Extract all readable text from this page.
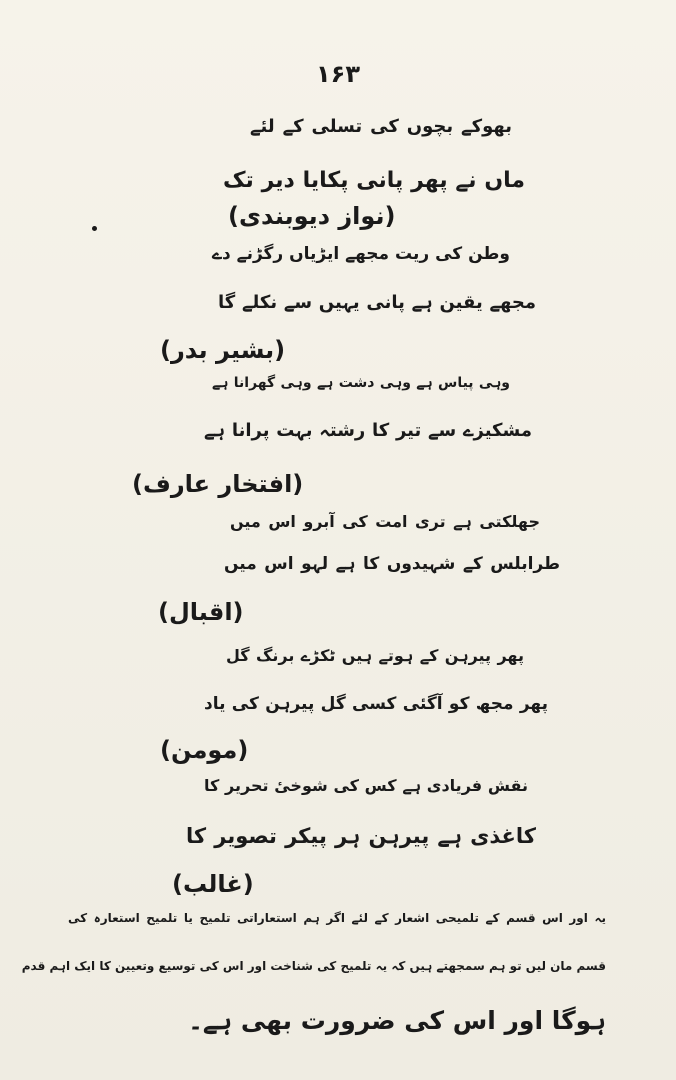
۱۶۳
بھوکے بچوں کی تسلی کے لئے
ماں نے پھر پانی پکایا دیر تک
(نواز دیوبندی)
وطن کی ریت مجھے ایڑیاں رگڑنے دے
مجھے یقین ہے پانی یہیں سے نکلے گا
(بشیر بدر)
وہی پیاس ہے وہی دشت ہے وہی گھرانا ہے
مشکیزے سے تیر کا رشتہ بہت پرانا ہے
(افتخار عارف)
جھلکتی ہے تری امت کی آبرو اس میں
طرابلس کے شہیدوں کا ہے لہو اس میں
(اقبال)
پھر پیرہن کے ہوتے ہیں ٹکڑے برنگ گل
پھر مجھ کو آگئی کسی گل پیرہن کی یاد
(مومن)
نقش فریادی ہے کس کی شوخیٔ تحریر کا
کاغذی ہے پیرہن ہر پیکر تصویر کا
(غالب)
یہ اور اس قسم کے تلمیحی اشعار کے لئے اگر ہم استعاراتی تلمیح یا تلمیح استعارہ کی
قسم مان لیں تو ہم سمجھتے ہیں کہ یہ تلمیح کی شناخت اور اس کی توسیع وتعیین کا ایک اہم قدم
ہوگا اور اس کی ضرورت بھی ہے۔
